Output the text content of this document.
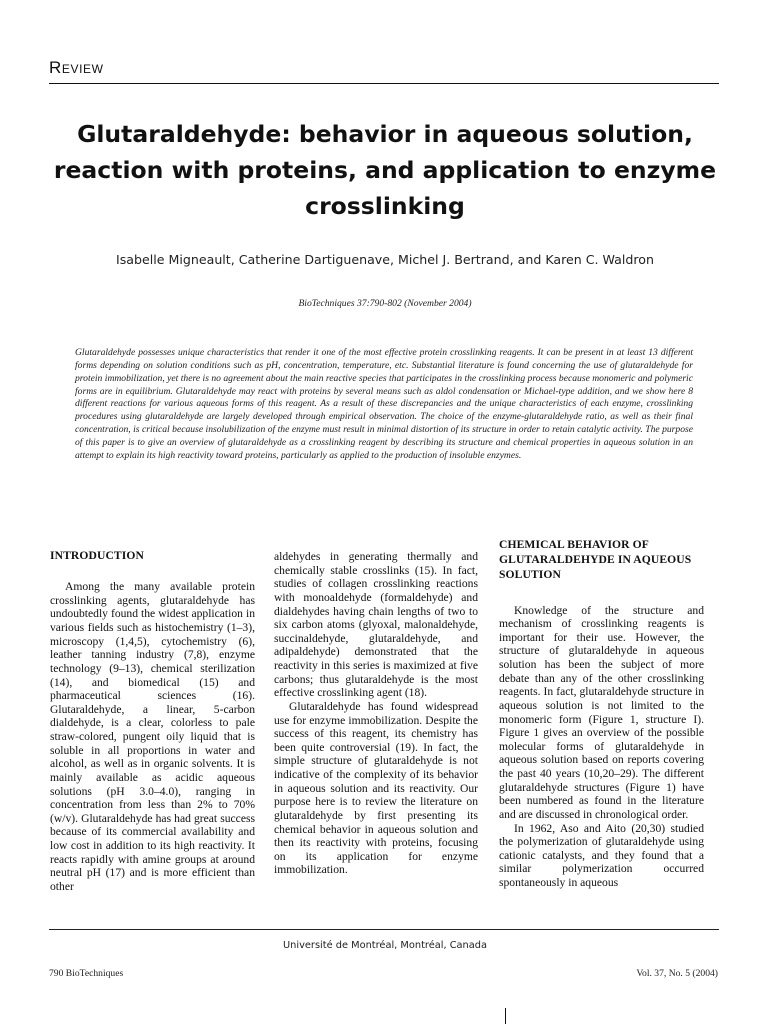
Review
Glutaraldehyde: behavior in aqueous solution, reaction with proteins, and application to enzyme crosslinking
Isabelle Migneault, Catherine Dartiguenave, Michel J. Bertrand, and Karen C. Waldron
BioTechniques 37:790-802 (November 2004)

Glutaraldehyde possesses unique characteristics that render it one of the most effective protein crosslinking reagents. It can be present in at least 13 different forms depending on solution conditions such as pH, concentration, temperature, etc. Substantial literature is found concerning the use of glutaraldehyde for protein immobilization, yet there is no agreement about the main reactive species that participates in the crosslinking process because monomeric and polymeric forms are in equilibrium. Glutaraldehyde may react with proteins by several means such as aldol condensation or Michael-type addition, and we show here 8 different reactions for various aqueous forms of this reagent. As a result of these discrepancies and the unique characteristics of each enzyme, crosslinking procedures using glutaraldehyde are largely developed through empirical observation. The choice of the enzyme-glutaraldehyde ratio, as well as their final concentration, is critical because insolubilization of the enzyme must result in minimal distortion of its structure in order to retain catalytic activity. The purpose of this paper is to give an overview of glutaraldehyde as a crosslinking reagent by describing its structure and chemical properties in aqueous solution in an attempt to explain its high reactivity toward proteins, particularly as applied to the production of insoluble enzymes.

INTRODUCTION

Among the many available protein crosslinking agents, glutaraldehyde has undoubtedly found the widest application in various fields such as histochemistry (1–3), microscopy (1,4,5), cytochemistry (6), leather tanning industry (7,8), enzyme technology (9–13), chemical sterilization (14), and biomedical (15) and pharmaceutical sciences (16). Glutaraldehyde, a linear, 5-carbon dialdehyde, is a clear, colorless to pale straw-colored, pungent oily liquid that is soluble in all proportions in water and alcohol, as well as in organic solvents. It is mainly available as acidic aqueous solutions (pH 3.0–4.0), ranging in concentration from less than 2% to 70% (w/v). Glutaraldehyde has had great success because of its commercial availability and low cost in addition to its high reactivity. It reacts rapidly with amine groups at around neutral pH (17) and is more efficient than other

aldehydes in generating thermally and chemically stable crosslinks (15). In fact, studies of collagen crosslinking reactions with monoaldehyde (formaldehyde) and dialdehydes having chain lengths of two to six carbon atoms (glyoxal, malonaldehyde, succinaldehyde, glutaraldehyde, and adipaldehyde) demonstrated that the reactivity in this series is maximized at five carbons; thus glutaraldehyde is the most effective crosslinking agent (18).

Glutaraldehyde has found widespread use for enzyme immobilization. Despite the success of this reagent, its chemistry has been quite controversial (19). In fact, the simple structure of glutaraldehyde is not indicative of the complexity of its behavior in aqueous solution and its reactivity. Our purpose here is to review the literature on glutaraldehyde by first presenting its chemical behavior in aqueous solution and then its reactivity with proteins, focusing on its application for enzyme immobilization.

CHEMICAL BEHAVIOR OF GLUTARALDEHYDE IN AQUEOUS SOLUTION

Knowledge of the structure and mechanism of crosslinking reagents is important for their use. However, the structure of glutaraldehyde in aqueous solution has been the subject of more debate than any of the other crosslinking reagents. In fact, glutaraldehyde structure in aqueous solution is not limited to the monomeric form (Figure 1, structure I). Figure 1 gives an overview of the possible molecular forms of glutaraldehyde in aqueous solution based on reports covering the past 40 years (10,20–29). The different glutaraldehyde structures (Figure 1) have been numbered as found in the literature and are discussed in chronological order.

In 1962, Aso and Aito (20,30) studied the polymerization of glutaraldehyde using cationic catalysts, and they found that a similar polymerization occurred spontaneously in aqueous

Université de Montréal, Montréal, Canada
790 BioTechniques	Vol. 37, No. 5 (2004)
